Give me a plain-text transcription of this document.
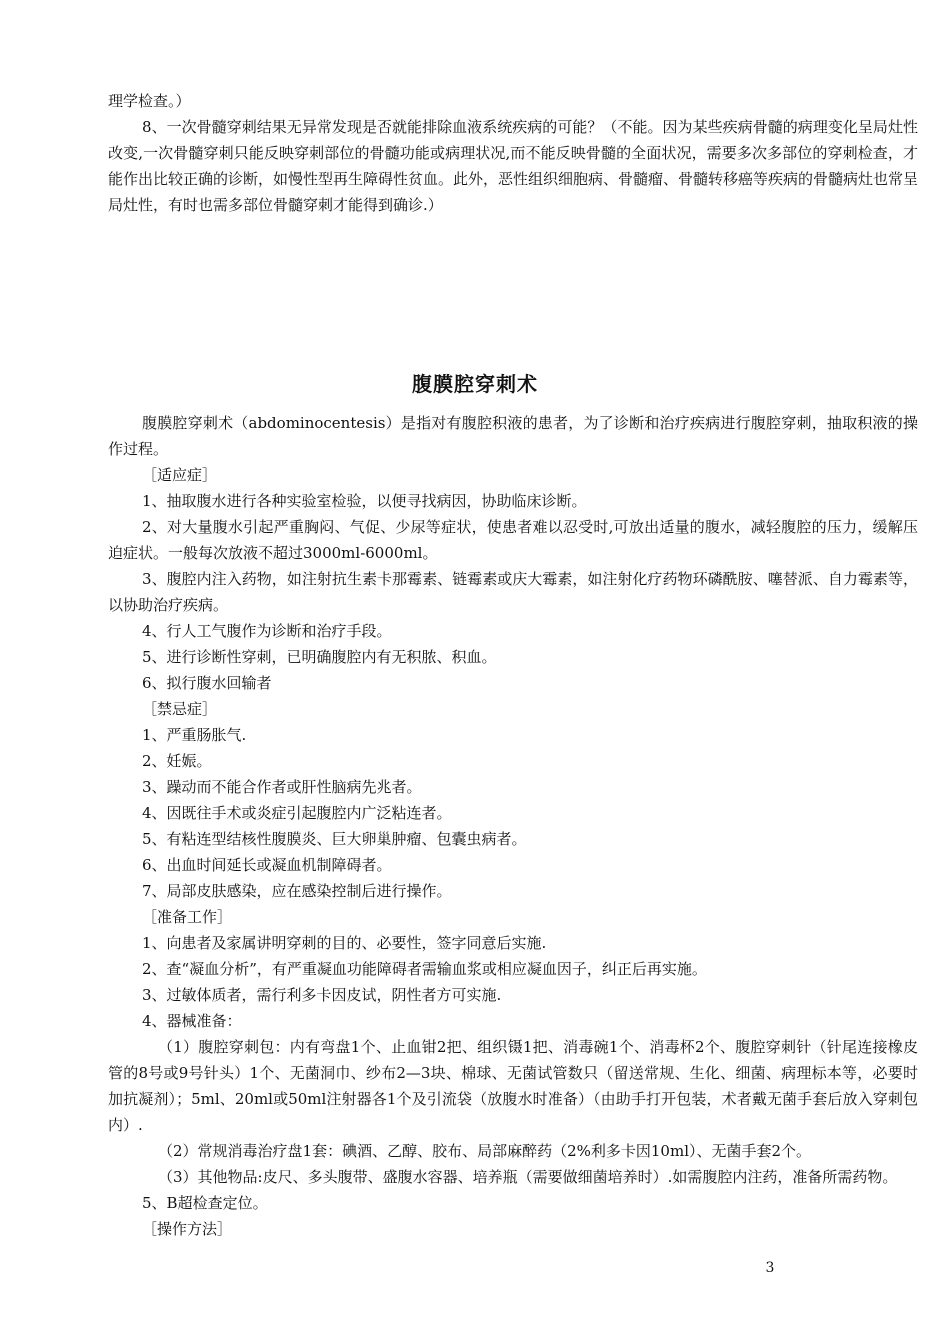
理学检查。）

8、一次骨髓穿刺结果无异常发现是否就能排除血液系统疾病的可能？（不能。因为某些疾病骨髓的病理变化呈局灶性改变,一次骨髓穿刺只能反映穿刺部位的骨髓功能或病理状况,而不能反映骨髓的全面状况，需要多次多部位的穿刺检查，才能作出比较正确的诊断，如慢性型再生障碍性贫血。此外，恶性组织细胞病、骨髓瘤、骨髓转移癌等疾病的骨髓病灶也常呈局灶性，有时也需多部位骨髓穿刺才能得到确诊.）

腹膜腔穿刺术

腹膜腔穿刺术（abdominocentesis）是指对有腹腔积液的患者，为了诊断和治疗疾病进行腹腔穿刺，抽取积液的操作过程。

［适应症］

1、抽取腹水进行各种实验室检验，以便寻找病因，协助临床诊断。

2、对大量腹水引起严重胸闷、气促、少尿等症状，使患者难以忍受时,可放出适量的腹水，减轻腹腔的压力，缓解压迫症状。一般每次放液不超过3000ml-6000ml。

3、腹腔内注入药物，如注射抗生素卡那霉素、链霉素或庆大霉素，如注射化疗药物环磷酰胺、噻替派、自力霉素等，以协助治疗疾病。

4、行人工气腹作为诊断和治疗手段。

5、进行诊断性穿刺，已明确腹腔内有无积脓、积血。

6、拟行腹水回输者

［禁忌症］

1、严重肠胀气.

2、妊娠。

3、躁动而不能合作者或肝性脑病先兆者。

4、因既往手术或炎症引起腹腔内广泛粘连者。

5、有粘连型结核性腹膜炎、巨大卵巢肿瘤、包囊虫病者。

6、出血时间延长或凝血机制障碍者。

7、局部皮肤感染，应在感染控制后进行操作。

［准备工作］

1、向患者及家属讲明穿刺的目的、必要性，签字同意后实施.

2、查“凝血分析”，有严重凝血功能障碍者需输血浆或相应凝血因子，纠正后再实施。

3、过敏体质者，需行利多卡因皮试，阴性者方可实施.

4、器械准备：

（1）腹腔穿刺包：内有弯盘1个、止血钳2把、组织镊1把、消毒碗1个、消毒杯2个、腹腔穿刺针（针尾连接橡皮管的8号或9号针头）1个、无菌洞巾、纱布2—3块、棉球、无菌试管数只（留送常规、生化、细菌、病理标本等，必要时加抗凝剂）；5ml、20ml或50ml注射器各1个及引流袋（放腹水时准备）（由助手打开包装，术者戴无菌手套后放入穿刺包内）.

（2）常规消毒治疗盘1套：碘酒、乙醇、胶布、局部麻醉药（2%利多卡因10ml）、无菌手套2个。

（3）其他物品:皮尺、多头腹带、盛腹水容器、培养瓶（需要做细菌培养时）.如需腹腔内注药，准备所需药物。

5、B超检查定位。

［操作方法］

3
